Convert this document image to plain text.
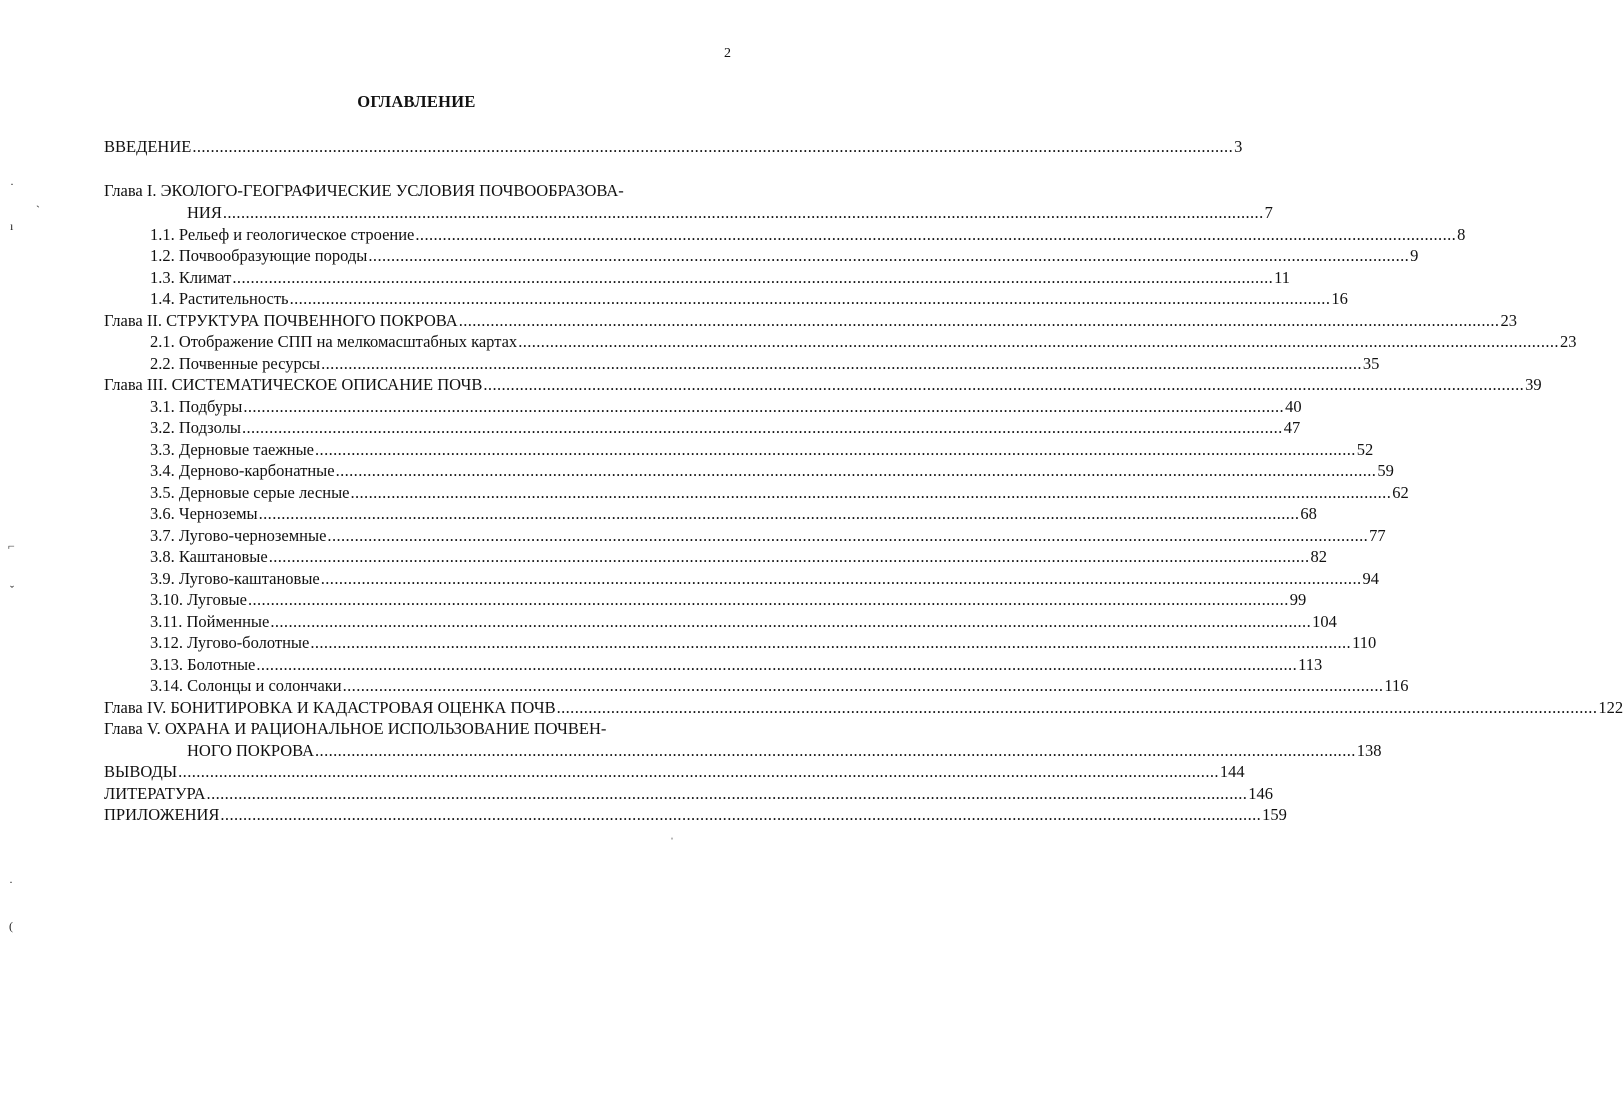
2
ОГЛАВЛЕНИЕ
ВВЕДЕНИЕ ...................................................................................................................................................................................................................................... 3
Глава I. ЭКОЛОГО-ГЕОГРАФИЧЕСКИЕ УСЛОВИЯ ПОЧВООБРАЗОВА-
НИЯ ...................................................................................................................................................................................................................................... 7
1.1. Рельеф и геологическое строение ...................................................................................................................................................................................................................................... 8
1.2. Почвообразующие породы ...................................................................................................................................................................................................................................... 9
1.3. Климат ...................................................................................................................................................................................................................................... 11
1.4. Растительность ...................................................................................................................................................................................................................................... 16
Глава II. СТРУКТУРА ПОЧВЕННОГО ПОКРОВА ...................................................................................................................................................................................................................................... 23
2.1. Отображение СПП на мелкомасштабных картах ...................................................................................................................................................................................................................................... 23
2.2. Почвенные ресурсы ...................................................................................................................................................................................................................................... 35
Глава III. СИСТЕМАТИЧЕСКОЕ ОПИСАНИЕ ПОЧВ ...................................................................................................................................................................................................................................... 39
3.1. Подбуры ...................................................................................................................................................................................................................................... 40
3.2. Подзолы ...................................................................................................................................................................................................................................... 47
3.3. Дерновые таежные ...................................................................................................................................................................................................................................... 52
3.4. Дерново-карбонатные ...................................................................................................................................................................................................................................... 59
3.5. Дерновые серые лесные ...................................................................................................................................................................................................................................... 62
3.6. Черноземы ...................................................................................................................................................................................................................................... 68
3.7. Лугово-черноземные ...................................................................................................................................................................................................................................... 77
3.8. Каштановые ...................................................................................................................................................................................................................................... 82
3.9. Лугово-каштановые ...................................................................................................................................................................................................................................... 94
3.10. Луговые ...................................................................................................................................................................................................................................... 99
3.11. Пойменные ...................................................................................................................................................................................................................................... 104
3.12. Лугово-болотные ...................................................................................................................................................................................................................................... 110
3.13. Болотные ...................................................................................................................................................................................................................................... 113
3.14. Солонцы и солончаки ...................................................................................................................................................................................................................................... 116
Глава IV. БОНИТИРОВКА И КАДАСТРОВАЯ ОЦЕНКА ПОЧВ ...................................................................................................................................................................................................................................... 122
Глава V. ОХРАНА И РАЦИОНАЛЬНОЕ ИСПОЛЬЗОВАНИЕ ПОЧВЕН-
НОГО ПОКРОВА ...................................................................................................................................................................................................................................... 138
ВЫВОДЫ ...................................................................................................................................................................................................................................... 144
ЛИТЕРАТУРА ...................................................................................................................................................................................................................................... 146
ПРИЛОЖЕНИЯ ...................................................................................................................................................................................................................................... 159
·
`
ı
⌐
ˇ
·
(
ˈ
